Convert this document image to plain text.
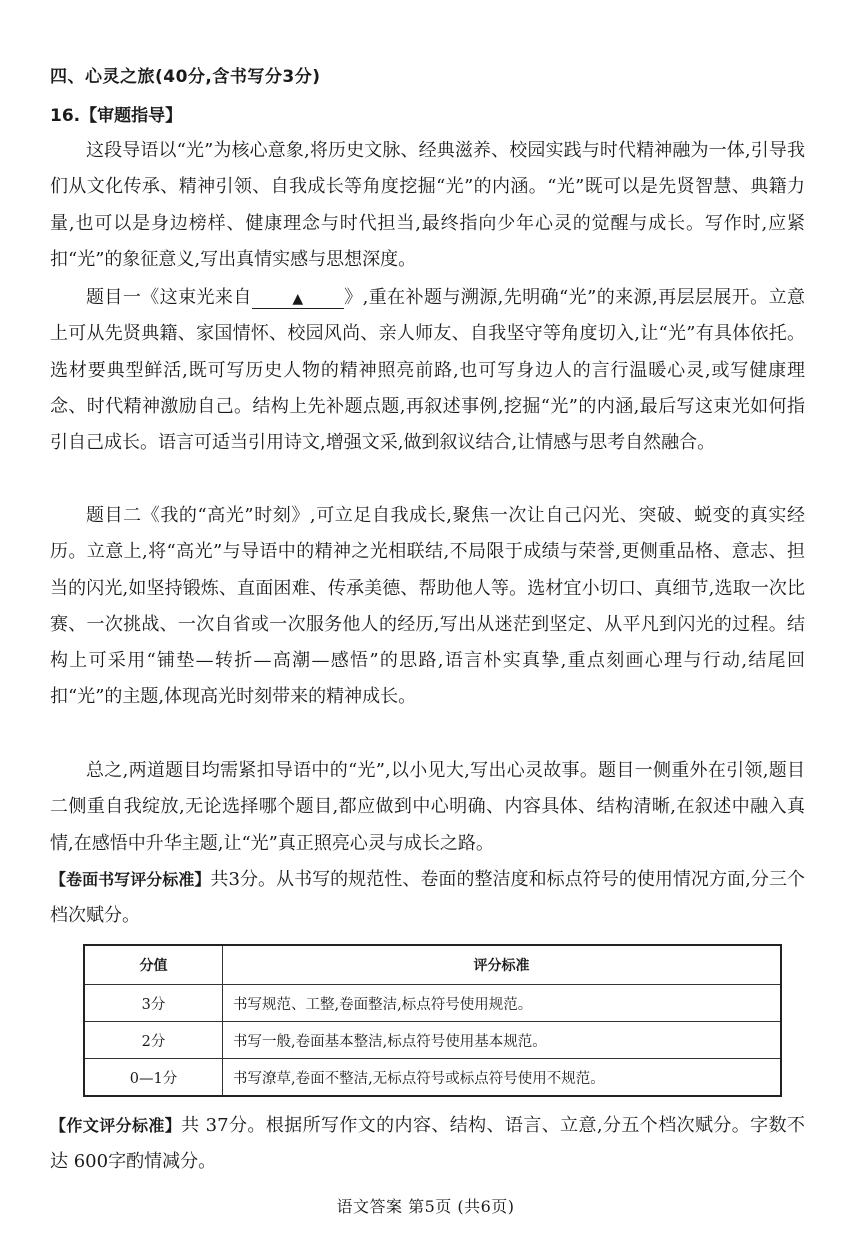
四、心灵之旅(40分,含书写分3分)
16.【审题指导】

这段导语以“光”为核心意象,将历史文脉、经典滋养、校园实践与时代精神融为一体,引导我们从文化传承、精神引领、自我成长等角度挖掘“光”的内涵。“光”既可以是先贤智慧、典籍力量,也可以是身边榜样、健康理念与时代担当,最终指向少年心灵的觉醒与成长。写作时,应紧扣“光”的象征意义,写出真情实感与思想深度。

题目一《这束光来自	▲ 》,重在补题与溯源,先明确“光”的来源,再层层展开。立意上可从先贤典籍、家国情怀、校园风尚、亲人师友、自我坚守等角度切入,让“光”有具体依托。选材要典型鲜活,既可写历史人物的精神照亮前路,也可写身边人的言行温暖心灵,或写健康理念、时代精神激励自己。结构上先补题点题,再叙述事例,挖掘“光”的内涵,最后写这束光如何指引自己成长。语言可适当引用诗文,增强文采,做到叙议结合,让情感与思考自然融合。

题目二《我的“高光”时刻》,可立足自我成长,聚焦一次让自己闪光、突破、蜕变的真实经历。立意上,将“高光”与导语中的精神之光相联结,不局限于成绩与荣誉,更侧重品格、意志、担当的闪光,如坚持锻炼、直面困难、传承美德、帮助他人等。选材宜小切口、真细节,选取一次比赛、一次挑战、一次自省或一次服务他人的经历,写出从迷茫到坚定、从平凡到闪光的过程。结构上可采用“铺垫—转折—高潮—感悟”的思路,语言朴实真挚,重点刻画心理与行动,结尾回扣“光”的主题,体现高光时刻带来的精神成长。

总之,两道题目均需紧扣导语中的“光”,以小见大,写出心灵故事。题目一侧重外在引领,题目二侧重自我绽放,无论选择哪个题目,都应做到中心明确、内容具体、结构清晰,在叙述中融入真情,在感悟中升华主题,让“光”真正照亮心灵与成长之路。

【卷面书写评分标准】共3分。从书写的规范性、卷面的整洁度和标点符号的使用情况方面,分三个档次赋分。

分值	评分标准
3分	书写规范、工整,卷面整洁,标点符号使用规范。
2分	书写一般,卷面基本整洁,标点符号使用基本规范。
0—1分	书写潦草,卷面不整洁,无标点符号或标点符号使用不规范。

【作文评分标准】共 37分。根据所写作文的内容、结构、语言、立意,分五个档次赋分。字数不达 600字酌情减分。

语文答案 第5页 (共6页)
